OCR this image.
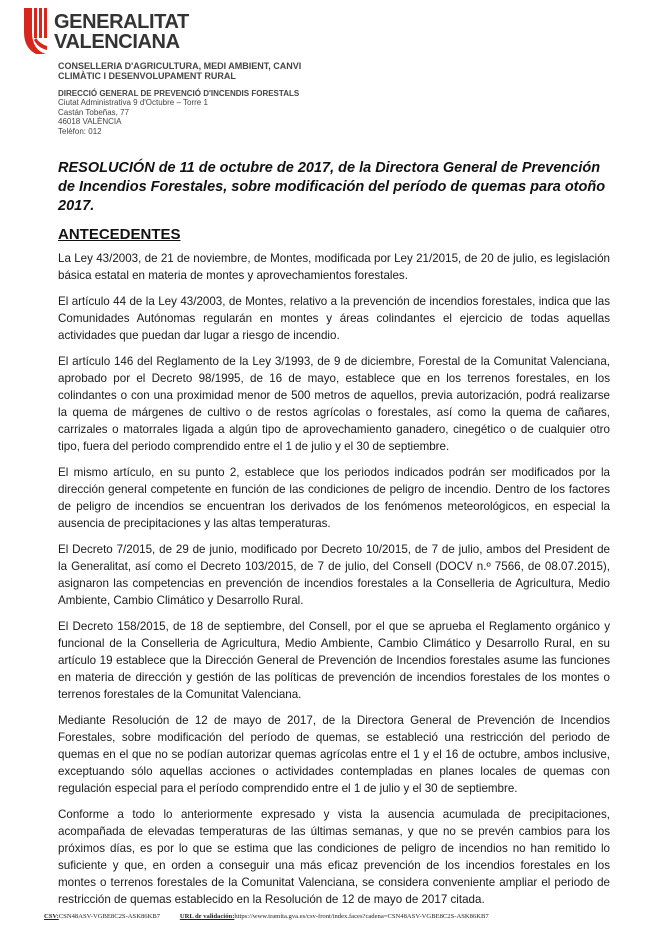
GENERALITAT
VALENCIANA
CONSELLERIA D'AGRICULTURA, MEDI AMBIENT, CANVI
CLIMÀTIC I DESENVOLUPAMENT RURAL
DIRECCIÓ GENERAL DE PREVENCIÓ D'INCENDIS FORESTALS
Ciutat Administrativa 9 d'Octubre – Torre 1
Castán Tobeñas, 77
46018 VALÈNCIA
Telèfon: 012
RESOLUCIÓN de 11 de octubre de 2017, de la Directora General de Prevención de Incendios Forestales, sobre modificación del período de quemas para otoño 2017.
ANTECEDENTES

La Ley 43/2003, de 21 de noviembre, de Montes, modificada por Ley 21/2015, de 20 de julio, es legislación básica estatal en materia de montes y aprovechamientos forestales.

El artículo 44 de la Ley 43/2003, de Montes, relativo a la prevención de incendios forestales, indica que las Comunidades Autónomas regularán en montes y áreas colindantes el ejercicio de todas aquellas actividades que puedan dar lugar a riesgo de incendio.

El artículo 146 del Reglamento de la Ley 3/1993, de 9 de diciembre, Forestal de la Comunitat Valenciana, aprobado por el Decreto 98/1995, de 16 de mayo, establece que en los terrenos forestales, en los colindantes o con una proximidad menor de 500 metros de aquellos, previa autorización, podrá realizarse la quema de márgenes de cultivo o de restos agrícolas o forestales, así como la quema de cañares, carrizales o matorrales ligada a algún tipo de aprovechamiento ganadero, cinegético o de cualquier otro tipo, fuera del periodo comprendido entre el 1 de julio y el 30 de septiembre.

El mismo artículo, en su punto 2, establece que los periodos indicados podrán ser modificados por la dirección general competente en función de las condiciones de peligro de incendio. Dentro de los factores de peligro de incendios se encuentran los derivados de los fenómenos meteorológicos, en especial la ausencia de precipitaciones y las altas temperaturas.

El Decreto 7/2015, de 29 de junio, modificado por Decreto 10/2015, de 7 de julio, ambos del President de la Generalitat, así como el Decreto 103/2015, de 7 de julio, del Consell (DOCV n.º 7566, de 08.07.2015), asignaron las competencias en prevención de incendios forestales a la Conselleria de Agricultura, Medio Ambiente, Cambio Climático y Desarrollo Rural.

El Decreto 158/2015, de 18 de septiembre, del Consell, por el que se aprueba el Reglamento orgánico y funcional de la Conselleria de Agricultura, Medio Ambiente, Cambio Climático y Desarrollo Rural, en su artículo 19 establece que la Dirección General de Prevención de Incendios forestales asume las funciones en materia de dirección y gestión de las políticas de prevención de incendios forestales de los montes o terrenos forestales de la Comunitat Valenciana.

Mediante Resolución de 12 de mayo de 2017, de la Directora General de Prevención de Incendios Forestales, sobre modificación del período de quemas, se estableció una restricción del periodo de quemas en el que no se podían autorizar quemas agrícolas entre el 1 y el 16 de octubre, ambos inclusive, exceptuando sólo aquellas acciones o actividades contempladas en planes locales de quemas con regulación especial para el período comprendido entre el 1 de julio y el 30 de septiembre.

Conforme a todo lo anteriormente expresado y vista la ausencia acumulada de precipitaciones, acompañada de elevadas temperaturas de las últimas semanas, y que no se prevén cambios para los próximos días, es por lo que se estima que las condiciones de peligro de incendios no han remitido lo suficiente y que, en orden a conseguir una más eficaz prevención de los incendios forestales en los montes o terrenos forestales de la Comunitat Valenciana, se considera conveniente ampliar el periodo de restricción de quemas establecido en la Resolución de 12 de mayo de 2017 citada.

CSV:CSN48ASV-VGBE8C2S-ASK86KB7	URL de validación:https://www.tramita.gva.es/csv-front/index.faces?cadena=CSN48ASV-VGBE8C2S-ASK86KB7
